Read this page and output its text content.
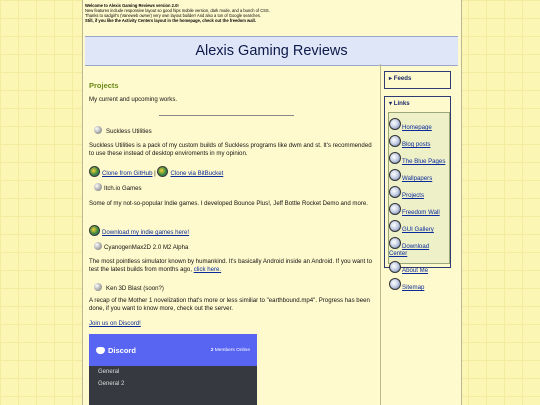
Welcome to Alexis Gaming Reviews version 2.0!
New features include responsive layout so good hips mobile version, dark mode, and a bunch of CSS.
Thanks to sadgirl's (Vaneweb owner) very own layout builder! And also a ton of Google searches.
Still, if you like the Activity Centers layout in the homepage, check out the freedom wall.
Alexis Gaming Reviews
Projects
My current and upcoming works.
Suckless Utilities
Suckless Utilities is a pack of my custom builds of Suckless programs like dwm and st. It's recommended to use these instead of desktop enviroments in my opinion.
Clone from GitHub | Clone via BitBucket
Itch.io Games
Some of my not-so-popular Indie games. I developed Bounce Plus!, Jeff Bottle Rocket Demo and more.
Download my indie games here!
CyanogenMax2D 2.0 M2 Alpha
The most pointless simulator known by humankind. It's basically Android inside an Android. If you want to test the latest builds from months ago, click here.
Ken 3D Blast (soon?)
A recap of the Mother 1 novelization that's more or less similiar to "earthbound.mp4". Progress has been done, if you want to know more, check out the server.
Join us on Discord!
Discord	2 Members Online
General
General 2
▸ Feeds
▾ Links
Homepage
Blog posts
The Blue Pages
Wallpapers
Projects
Freedom Wall
GUI Gallery
Download Center
About Me
Sitemap
